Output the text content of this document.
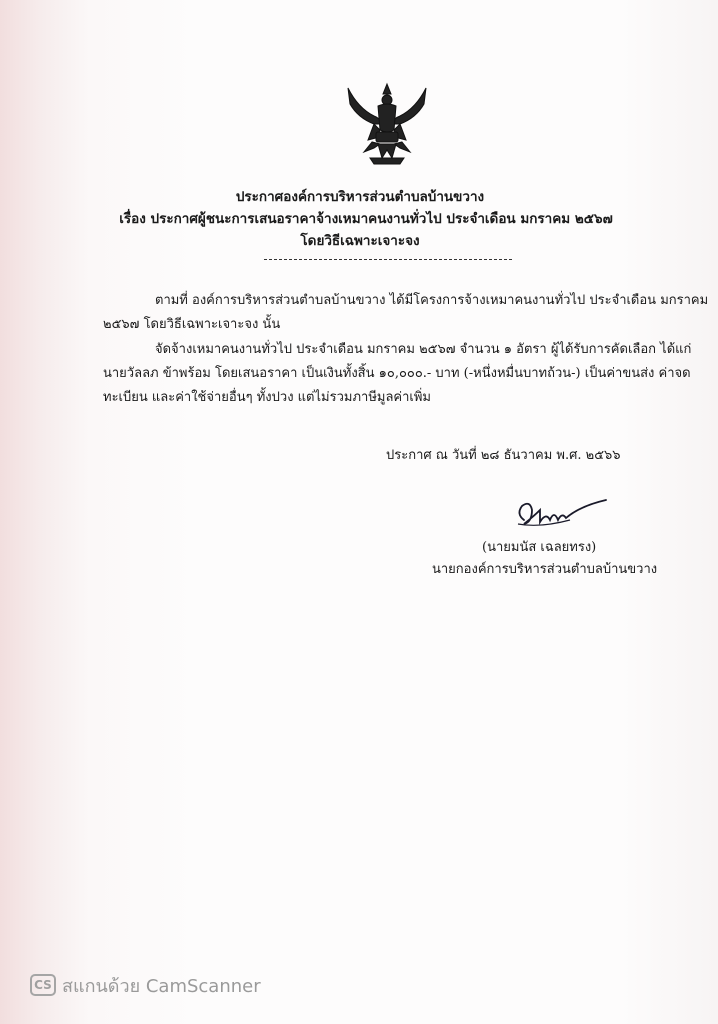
ประกาศองค์การบริหารส่วนตำบลบ้านขวาง
เรื่อง ประกาศผู้ชนะการเสนอราคาจ้างเหมาคนงานทั่วไป ประจำเดือน มกราคม ๒๕๖๗
โดยวิธีเฉพาะเจาะจง
ตามที่ องค์การบริหารส่วนตำบลบ้านขวาง ได้มีโครงการจ้างเหมาคนงานทั่วไป ประจำเดือน มกราคม
๒๕๖๗ โดยวิธีเฉพาะเจาะจง นั้น
จัดจ้างเหมาคนงานทั่วไป ประจำเดือน มกราคม ๒๕๖๗ จำนวน ๑ อัตรา ผู้ได้รับการคัดเลือก ได้แก่
นายวัลลภ ข้าพร้อม โดยเสนอราคา เป็นเงินทั้งสิ้น ๑๐,๐๐๐.- บาท (-หนึ่งหมื่นบาทถ้วน-) เป็นค่าขนส่ง ค่าจด
ทะเบียน และค่าใช้จ่ายอื่นๆ ทั้งปวง แต่ไม่รวมภาษีมูลค่าเพิ่ม
ประกาศ ณ วันที่ ๒๘ ธันวาคม พ.ศ. ๒๕๖๖
(นายมนัส เฉลยทรง)
นายกองค์การบริหารส่วนตำบลบ้านขวาง
CS สแกนด้วย CamScanner
